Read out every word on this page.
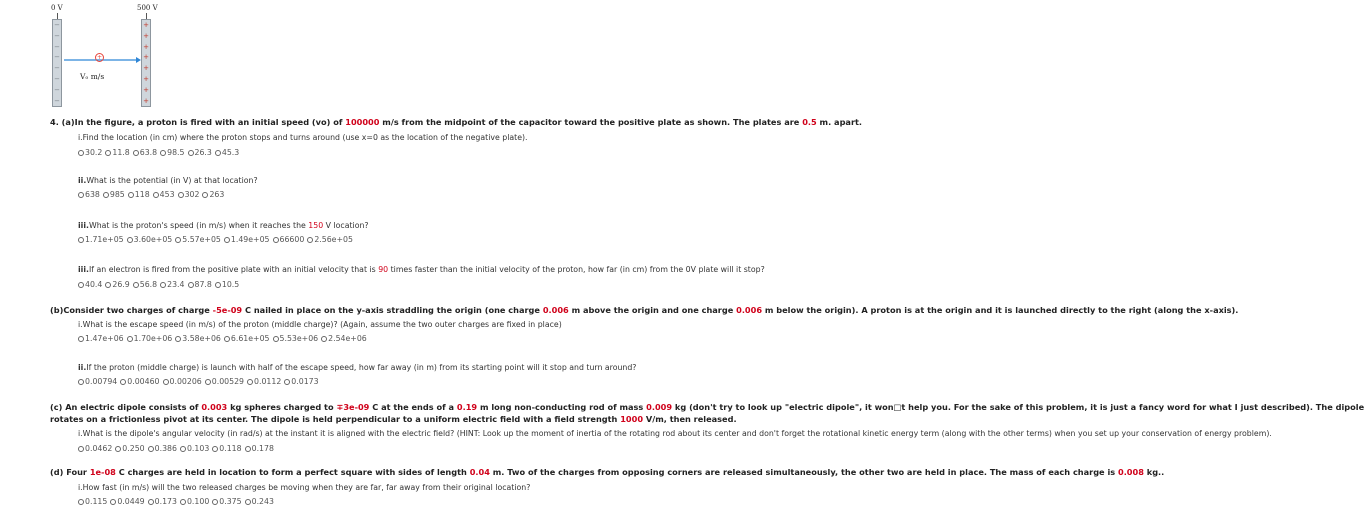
0 V	500 V
−
−
−
−
−
−
−
−
+
+
+
+
+
+
+
+
+
Vₒ m/s
4. (a)In the figure, a proton is fired with an initial speed (vo) of 100000 m/s from the midpoint of the capacitor toward the positive plate as shown. The plates are 0.5 m. apart.
i.Find the location (in cm) where the proton stops and turns around (use x=0 as the location of the negative plate).
30.2 11.8 63.8 98.5 26.3 45.3
ii.What is the potential (in V) at that location?
638 985 118 453 302 263
iii.What is the proton's speed (in m/s) when it reaches the 150 V location?
1.71e+05 3.60e+05 5.57e+05 1.49e+05 66600 2.56e+05
iii.If an electron is fired from the positive plate with an initial velocity that is 90 times faster than the initial velocity of the proton, how far (in cm) from the 0V plate will it stop?
40.4 26.9 56.8 23.4 87.8 10.5
(b)Consider two charges of charge -5e-09 C nailed in place on the y-axis straddling the origin (one charge 0.006 m above the origin and one charge 0.006 m below the origin). A proton is at the origin and it is launched directly to the right (along the x-axis).
i.What is the escape speed (in m/s) of the proton (middle charge)? (Again, assume the two outer charges are fixed in place)
1.47e+06 1.70e+06 3.58e+06 6.61e+05 5.53e+06 2.54e+06
ii.If the proton (middle charge) is launch with half of the escape speed, how far away (in m) from its starting point will it stop and turn around?
0.00794 0.00460 0.00206 0.00529 0.0112 0.0173
(c) An electric dipole consists of 0.003 kg spheres charged to ∓3e-09 C at the ends of a 0.19 m long non-conducting rod of mass 0.009 kg (don't try to look up "electric dipole", it won□t help you. For the sake of this problem, it is just a fancy word for what I just described). The dipole
rotates on a frictionless pivot at its center. The dipole is held perpendicular to a uniform electric field with a field strength 1000 V/m, then released.
i.What is the dipole's angular velocity (in rad/s) at the instant it is aligned with the electric field? (HINT: Look up the moment of inertia of the rotating rod about its center and don't forget the rotational kinetic energy term (along with the other terms) when you set up your conservation of energy problem).
0.0462 0.250 0.386 0.103 0.118 0.178
(d) Four 1e-08 C charges are held in location to form a perfect square with sides of length 0.04 m. Two of the charges from opposing corners are released simultaneously, the other two are held in place. The mass of each charge is 0.008 kg..
i.How fast (in m/s) will the two released charges be moving when they are far, far away from their original location?
0.115 0.0449 0.173 0.100 0.375 0.243
